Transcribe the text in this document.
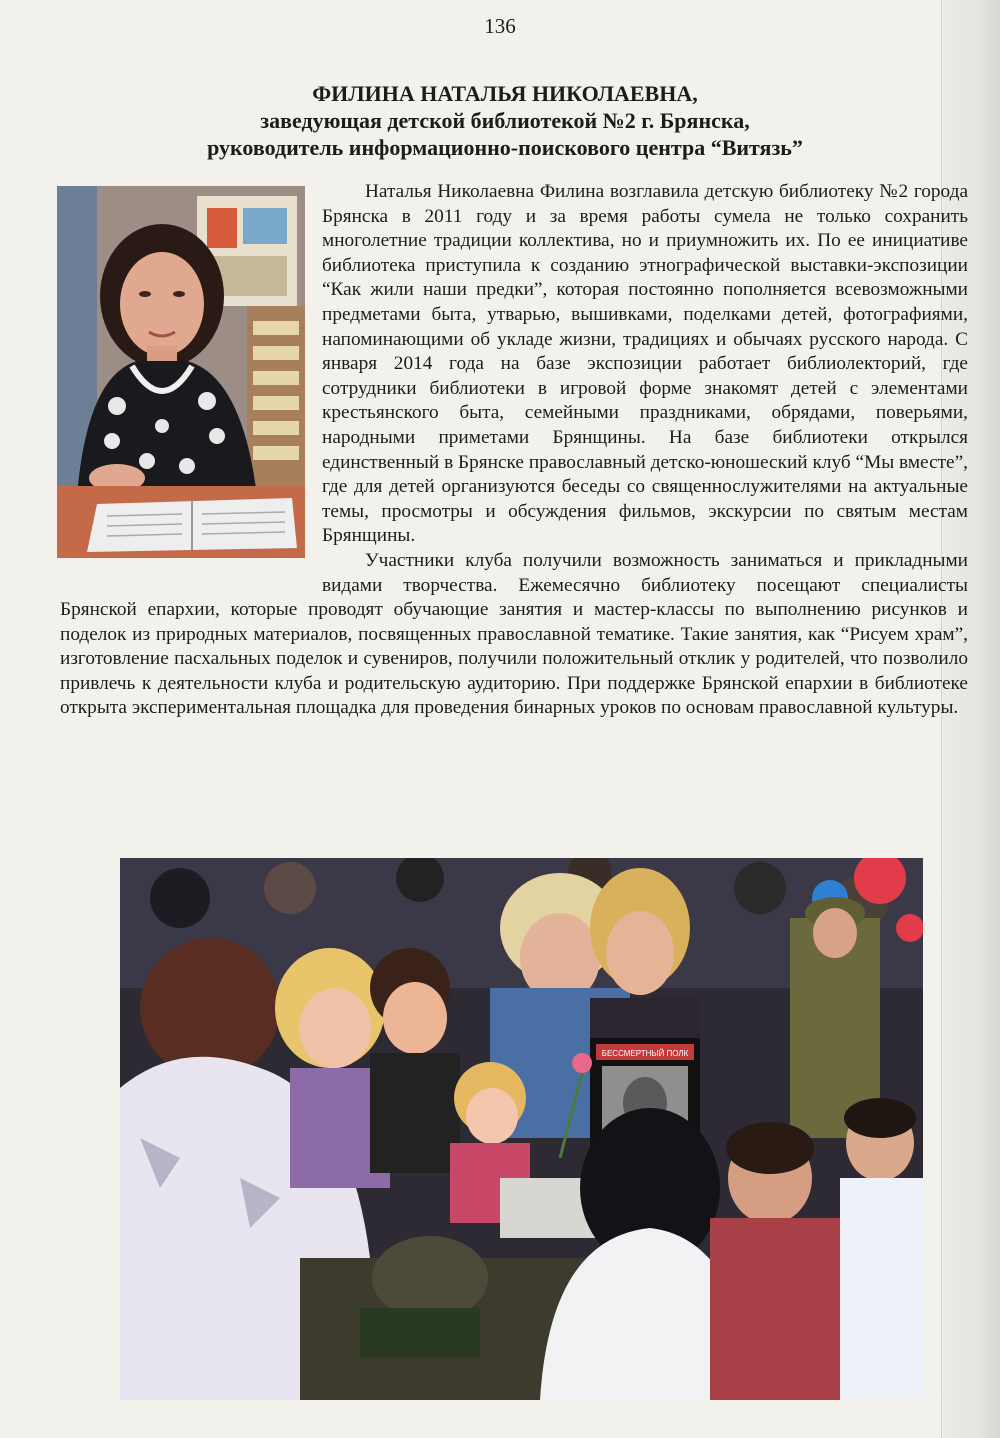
136
ФИЛИНА НАТАЛЬЯ НИКОЛАЕВНА,
заведующая детской библиотекой №2 г. Брянска,
руководитель информационно-поискового центра “Витязь”

Наталья Николаевна Филина возглавила детскую библиотеку №2 города Брянска в 2011 году и за время работы сумела не только сохранить многолетние традиции коллектива, но и приумножить их. По ее инициативе библиотека приступила к созданию этнографической выставки-экспозиции “Как жили наши предки”, которая постоянно пополняется всевозможными предметами быта, утварью, вышивками, поделками детей, фотографиями, напоминающими об укладе жизни, традициях и обычаях русского народа. С января 2014 года на базе экспозиции работает библиолекторий, где сотрудники библиотеки в игровой форме знакомят детей с элементами крестьянского быта, семейными праздниками, обрядами, поверьями, народными приметами Брянщины. На базе библиотеки открылся единственный в Брянске православный детско-юношеский клуб “Мы вместе”, где для детей организуются беседы со священнослужителями на актуальные темы, просмотры и обсуждения фильмов, экскурсии по святым местам Брянщины.

Участники клуба получили возможность заниматься и прикладными видами творчества. Ежемесячно библиотеку посещают специалисты Брянской епархии, которые проводят обучающие занятия и мастер-классы по выполнению рисунков и поделок из природных материалов, посвященных православной тематике. Такие занятия, как “Рисуем храм”, изготовление пасхальных поделок и сувениров, получили положительный отклик у родителей, что позволило привлечь к деятельности клуба и родительскую аудиторию. При поддержке Брянской епархии в библиотеке открыта экспериментальная площадка для проведения бинарных уроков по основам православной культуры.

БЕССМЕРТНЫЙ ПОЛК
